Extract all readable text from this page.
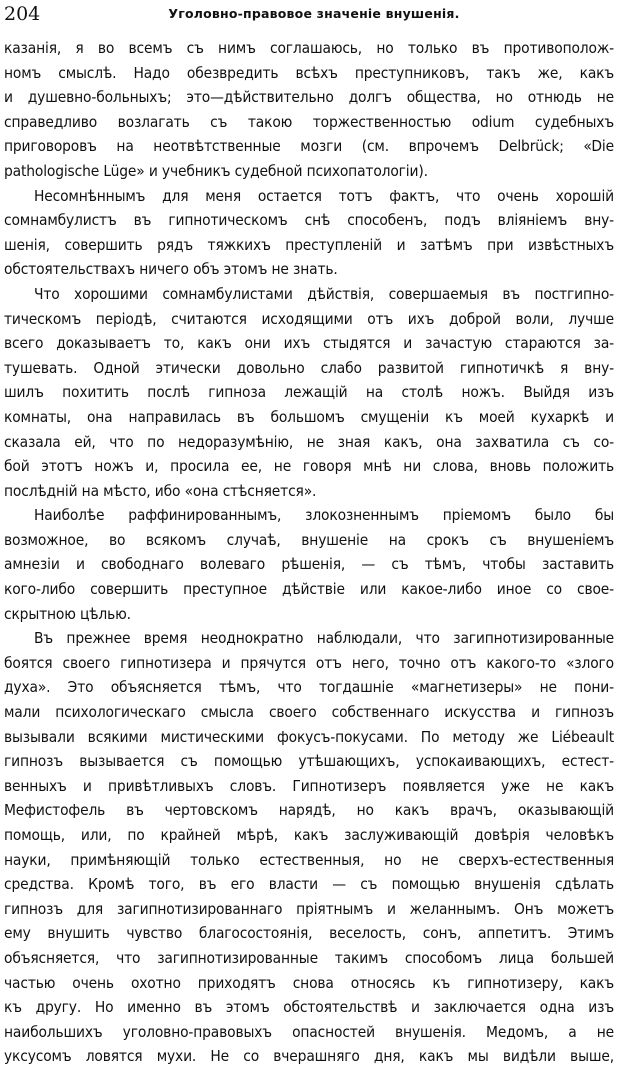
204	Уголовно-правовое значеніе внушенія.
казанія, я во всемъ съ нимъ соглашаюсь, но только въ противополож-
номъ смыслѣ. Надо обезвредить всѣхъ преступниковъ, такъ же, какъ
и душевно-больныхъ; это—дѣйствительно долгъ общества, но отнюдь не
справедливо возлагать съ такою торжественностью odium судебныхъ
приговоровъ на неотвѣтственные мозги (см. впрочемъ Delbrück; «Die
pathologische Lüge» и учебникъ судебной психопатологіи).
Несомнѣннымъ для меня остается тотъ фактъ, что очень хорошій
сомнамбулистъ въ гипнотическомъ снѣ способенъ, подъ вліяніемъ вну-
шенія, совершить рядъ тяжкихъ преступленій и затѣмъ при извѣстныхъ
обстоятельствахъ ничего объ этомъ не знать.
Что хорошими сомнамбулистами дѣйствія, совершаемыя въ постгипно-
тическомъ періодѣ, считаются исходящими отъ ихъ доброй воли, лучше
всего доказываетъ то, какъ они ихъ стыдятся и зачастую стараются за-
тушевать. Одной этически довольно слабо развитой гипнотичкѣ я вну-
шилъ похитить послѣ гипноза лежащій на столѣ ножъ. Выйдя изъ
комнаты, она направилась въ большомъ смущеніи къ моей кухаркѣ и
сказала ей, что по недоразумѣнію, не зная какъ, она захватила съ со-
бой этотъ ножъ и, просила ее, не говоря мнѣ ни слова, вновь положить
послѣдній на мѣсто, ибо «она стѣсняется».
Наиболѣе раффинированнымъ, злокозненнымъ пріемомъ было бы
возможное, во всякомъ случаѣ, внушеніе на срокъ съ внушеніемъ
амнезіи и свободнаго волеваго рѣшенія, — съ тѣмъ, чтобы заставить
кого-либо совершить преступное дѣйствіе или какое-либо иное со свое-
скрытною цѣлью.
Въ прежнее время неоднократно наблюдали, что загипнотизированные
боятся своего гипнотизера и прячутся отъ него, точно отъ какого-то «злого
духа». Это объясняется тѣмъ, что тогдашніе «магнетизеры» не пони-
мали психологическаго смысла своего собственнаго искусства и гипнозъ
вызывали всякими мистическими фокусъ-покусами. По методу же Liébeault
гипнозъ вызывается съ помощью утѣшающихъ, успокаивающихъ, естест-
венныхъ и привѣтливыхъ словъ. Гипнотизеръ появляется уже не какъ
Мефистофель въ чертовскомъ нарядѣ, но какъ врачъ, оказывающій
помощь, или, по крайней мѣрѣ, какъ заслуживающій довѣрія человѣкъ
науки, примѣняющій только естественныя, но не сверхъ-естественныя
средства. Кромѣ того, въ его власти — съ помощью внушенія сдѣлать
гипнозъ для загипнотизированнаго пріятнымъ и желаннымъ. Онъ можетъ
ему внушить чувство благосостоянія, веселость, сонъ, аппетитъ. Этимъ
объясняется, что загипнотизированные такимъ способомъ лица большей
частью очень охотно приходятъ снова относясь къ гипнотизеру, какъ
къ другу. Но именно въ этомъ обстоятельствѣ и заключается одна изъ
наибольшихъ уголовно-правовыхъ опасностей внушенія. Медомъ, а не
уксусомъ ловятся мухи. Не со вчерашняго дня, какъ мы видѣли выше,
